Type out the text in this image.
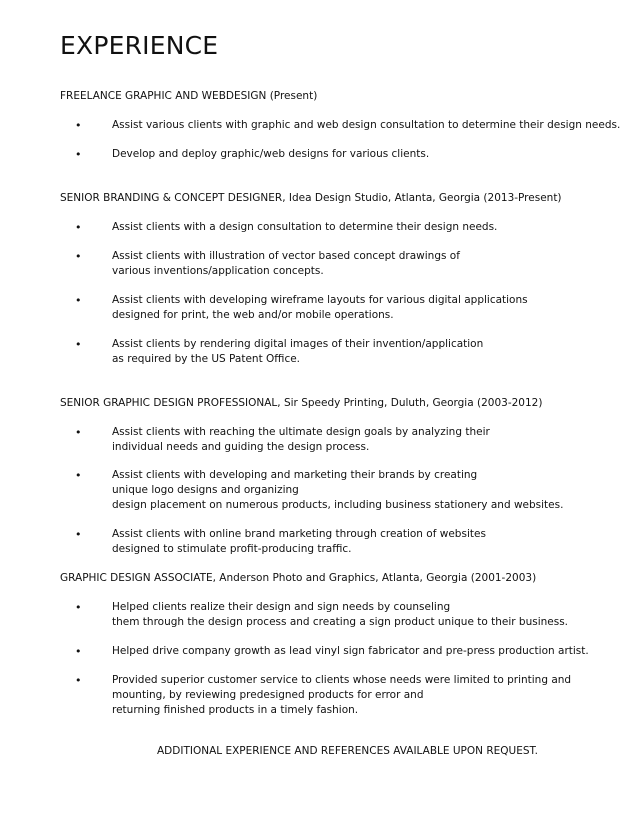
EXPERIENCE
FREELANCE GRAPHIC AND WEBDESIGN (Present)
•	Assist various clients with graphic and web design consultation to determine their design needs.
•	Develop and deploy graphic/web designs for various clients.
SENIOR BRANDING & CONCEPT DESIGNER, Idea Design Studio, Atlanta, Georgia (2013-Present)
•	Assist clients with a design consultation to determine their design needs.
•	Assist clients with illustration of vector based concept drawings of
various inventions/application concepts.
•	Assist clients with developing wireframe layouts for various digital applications
designed for print, the web and/or mobile operations.
•	Assist clients by rendering digital images of their invention/application
as required by the US Patent Office.
SENIOR GRAPHIC DESIGN PROFESSIONAL, Sir Speedy Printing, Duluth, Georgia (2003-2012)
•	Assist clients with reaching the ultimate design goals by analyzing their
individual needs and guiding the design process.
•	Assist clients with developing and marketing their brands by creating
unique logo designs and organizing
design placement on numerous products, including business stationery and websites.
•	Assist clients with online brand marketing through creation of websites
designed to stimulate profit-producing traffic.
GRAPHIC DESIGN ASSOCIATE, Anderson Photo and Graphics, Atlanta, Georgia (2001-2003)
•	Helped clients realize their design and sign needs by counseling
them through the design process and creating a sign product unique to their business.
•	Helped drive company growth as lead vinyl sign fabricator and pre-press production artist.
•	Provided superior customer service to clients whose needs were limited to printing and
mounting, by reviewing predesigned products for error and
returning finished products in a timely fashion.
ADDITIONAL EXPERIENCE AND REFERENCES AVAILABLE UPON REQUEST.
